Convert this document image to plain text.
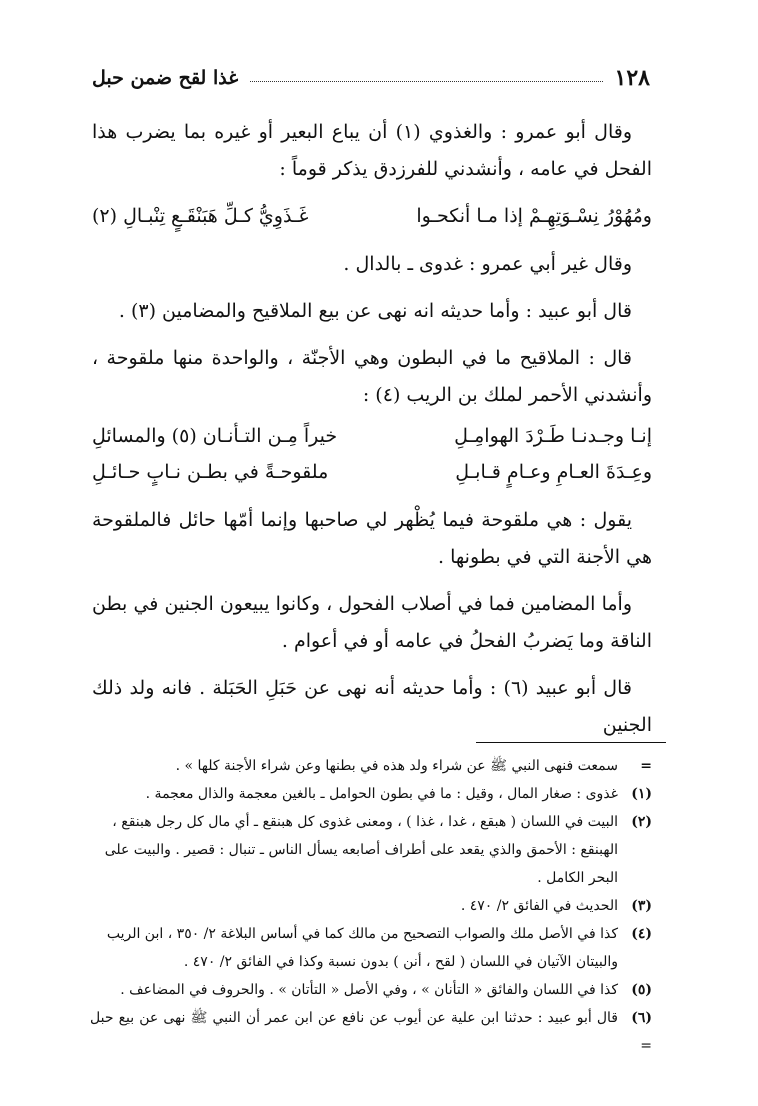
١٢٨
غذا لقح ضمن حبل

وقال أبو عمرو : والغذوي (١) أن يباع البعير أو غيره بما يضرب هذا الفحل في عامه ، وأنشدني للفرزدق يذكر قوماً :

ومُهُوْرُ نِسْـوَتِهِـمْ إذا مـا أنكحـوا
غَـذَوِيُّ كـلِّ هَبَنْقَـعٍ تِنْبـالِ (٢)

وقال غير أبي عمرو : غدوى ـ بالدال .

قال أبو عبيد : وأما حديثه انه نهى عن بيع الملاقيح والمضامين (٣) .

قال : الملاقيح ما في البطون وهي الأجنّة ، والواحدة منها ملقوحة ، وأنشدني الأحمر لملك بن الريب (٤) :

إنـا وجـدنـا طَـرْدَ الهوامِـلِ
خيراً مِـن التـأنـان (٥) والمسائلِ
وعِـدَةَ العـامِ وعـامٍ قـابـلِ
ملقوحـةً في بطـن نـابٍ حـائـلِ

يقول : هي ملقوحة فيما يُظْهر لي صاحبها وإنما أمّها حائل فالملقوحة هي الأجنة التي في بطونها .

وأما المضامين فما في أصلاب الفحول ، وكانوا يبيعون الجنين في بطن الناقة وما يَضربُ الفحلُ في عامه أو في أعوام .

قال أبو عبيد (٦) : وأما حديثه أنه نهى عن حَبَلِ الحَبَلة . فانه ولد ذلك الجنين

=سمعت فنهى النبي ﷺ عن شراء ولد هذه في بطنها وعن شراء الأجنة كلها » .

(١)غذوى : صغار المال ، وقيل : ما في بطون الحوامل ـ بالغين معجمة والذال معجمة .

(٢)البيت في اللسان ( هبقع ، غدا ، غذا ) ، ومعنى غذوى كل هبنقع ـ أي مال كل رجل هبنقع ،

الهبنقع : الأحمق والذي يقعد على أطراف أصابعه يسأل الناس ـ تنبال : قصير . والبيت على

البحر الكامل .

(٣)الحديث في الفائق ٢/ ٤٧٠ .

(٤)كذا في الأصل ملك والصواب التصحيح من مالك كما في أساس البلاغة ٢/ ٣٥٠ ، ابن الريب

والبيتان الآتيان في اللسان ( لقح ، أنن ) بدون نسبة وكذا في الفائق ٢/ ٤٧٠ .

(٥)كذا في اللسان والفائق « التأنان » ، وفي الأصل « التأتان » . والحروف في المضاعف .

(٦)قال أبو عبيد : حدثنا ابن علية عن أيوب عن نافع عن ابن عمر أن النبي ﷺ نهى عن بيع حبل =
